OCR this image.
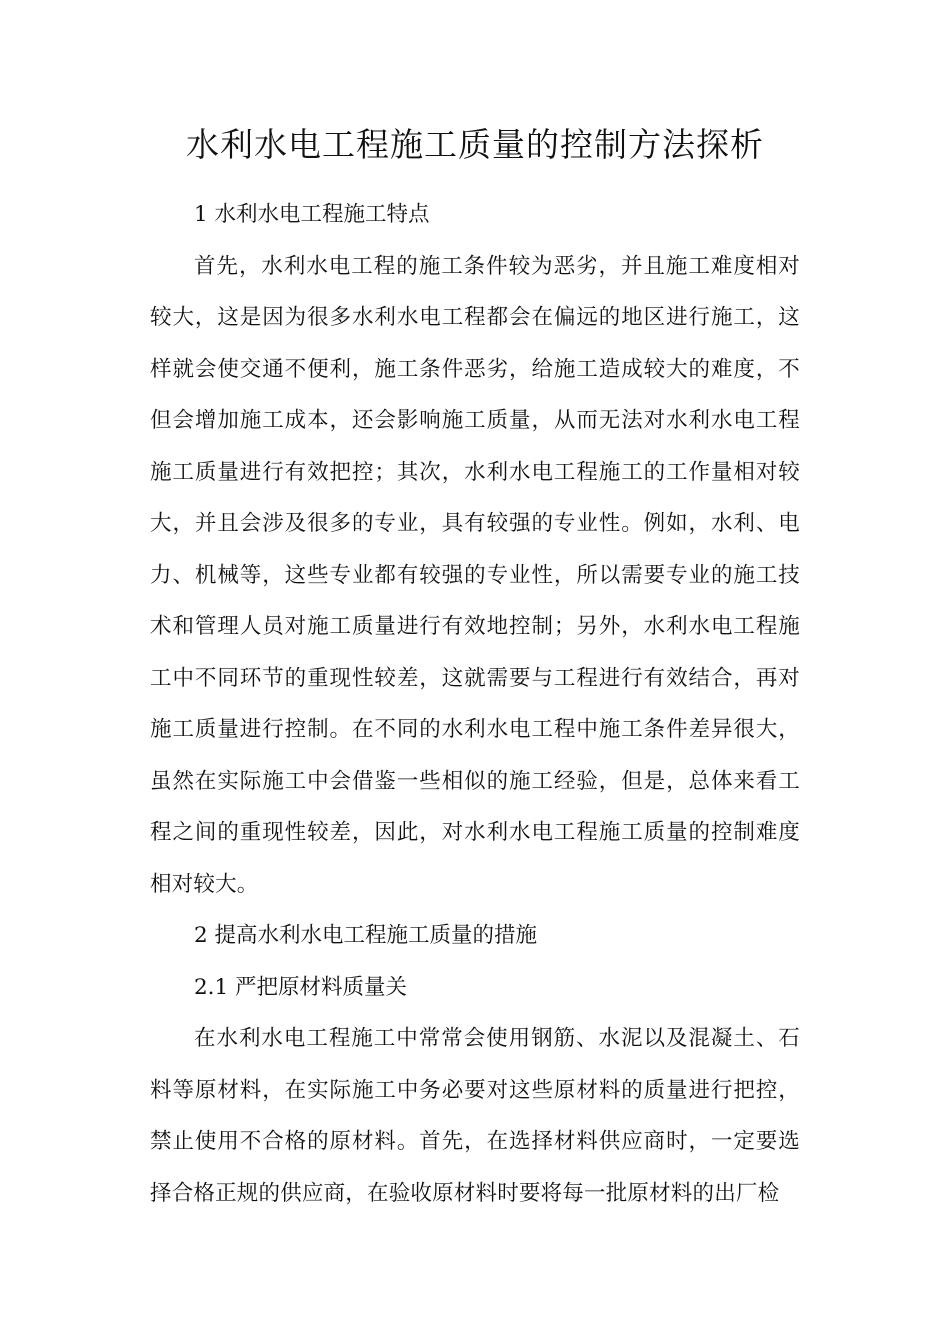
水利水电工程施工质量的控制方法探析

1 水利水电工程施工特点

首先，水利水电工程的施工条件较为恶劣，并且施工难度相对较大，这是因为很多水利水电工程都会在偏远的地区进行施工，这样就会使交通不便利，施工条件恶劣，给施工造成较大的难度，不但会增加施工成本，还会影响施工质量，从而无法对水利水电工程施工质量进行有效把控；其次，水利水电工程施工的工作量相对较大，并且会涉及很多的专业，具有较强的专业性。例如，水利、电力、机械等，这些专业都有较强的专业性，所以需要专业的施工技术和管理人员对施工质量进行有效地控制；另外，水利水电工程施工中不同环节的重现性较差，这就需要与工程进行有效结合，再对施工质量进行控制。在不同的水利水电工程中施工条件差异很大，虽然在实际施工中会借鉴一些相似的施工经验，但是，总体来看工程之间的重现性较差，因此，对水利水电工程施工质量的控制难度相对较大。

2 提高水利水电工程施工质量的措施

2.1 严把原材料质量关

在水利水电工程施工中常常会使用钢筋、水泥以及混凝土、石料等原材料，在实际施工中务必要对这些原材料的质量进行把控，禁止使用不合格的原材料。首先，在选择材料供应商时，一定要选择合格正规的供应商，在验收原材料时要将每一批原材料的出厂检
